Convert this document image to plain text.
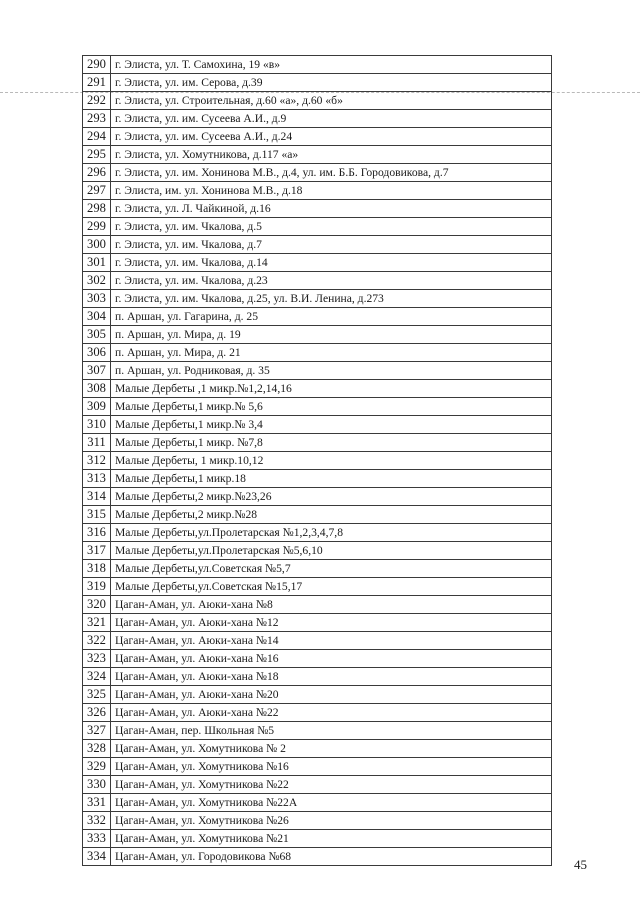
290	г. Элиста, ул. Т. Самохина, 19 «в»
291	г. Элиста, ул. им. Серова, д.39
292	г. Элиста, ул. Строительная, д.60 «а», д.60 «б»
293	г. Элиста, ул. им. Сусеева А.И., д.9
294	г. Элиста, ул. им. Сусеева А.И., д.24
295	г. Элиста, ул. Хомутникова, д.117 «а»
296	г. Элиста, ул. им. Хонинова М.В., д.4, ул. им. Б.Б. Городовикова, д.7
297	г. Элиста, им. ул. Хонинова М.В., д.18
298	г. Элиста, ул. Л. Чайкиной, д.16
299	г. Элиста, ул. им. Чкалова, д.5
300	г. Элиста, ул. им. Чкалова, д.7
301	г. Элиста, ул. им. Чкалова, д.14
302	г. Элиста, ул. им. Чкалова, д.23
303	г. Элиста, ул. им. Чкалова, д.25, ул. В.И. Ленина, д.273
304	п. Аршан, ул. Гагарина, д. 25
305	п. Аршан, ул. Мира, д. 19
306	п. Аршан, ул. Мира, д. 21
307	п. Аршан, ул. Родниковая, д. 35
308	Малые Дербеты ,1 микр.№1,2,14,16
309	Малые Дербеты,1 микр.№ 5,6
310	Малые Дербеты,1 микр.№ 3,4
311	Малые Дербеты,1 микр. №7,8
312	Малые Дербеты, 1 микр.10,12
313	Малые Дербеты,1 микр.18
314	Малые Дербеты,2 микр.№23,26
315	Малые Дербеты,2 микр.№28
316	Малые Дербеты,ул.Пролетарская №1,2,3,4,7,8
317	Малые Дербеты,ул.Пролетарская №5,6,10
318	Малые Дербеты,ул.Советская №5,7
319	Малые Дербеты,ул.Советская №15,17
320	Цаган-Аман, ул. Аюки-хана №8
321	Цаган-Аман, ул. Аюки-хана №12
322	Цаган-Аман, ул. Аюки-хана №14
323	Цаган-Аман, ул. Аюки-хана №16
324	Цаган-Аман, ул. Аюки-хана №18
325	Цаган-Аман, ул. Аюки-хана №20
326	Цаган-Аман, ул. Аюки-хана №22
327	Цаган-Аман, пер. Школьная №5
328	Цаган-Аман, ул. Хомутникова № 2
329	Цаган-Аман, ул. Хомутникова №16
330	Цаган-Аман, ул. Хомутникова №22
331	Цаган-Аман, ул. Хомутникова №22А
332	Цаган-Аман, ул. Хомутникова №26
333	Цаган-Аман, ул. Хомутникова №21
334	Цаган-Аман, ул. Городовикова №68
45
